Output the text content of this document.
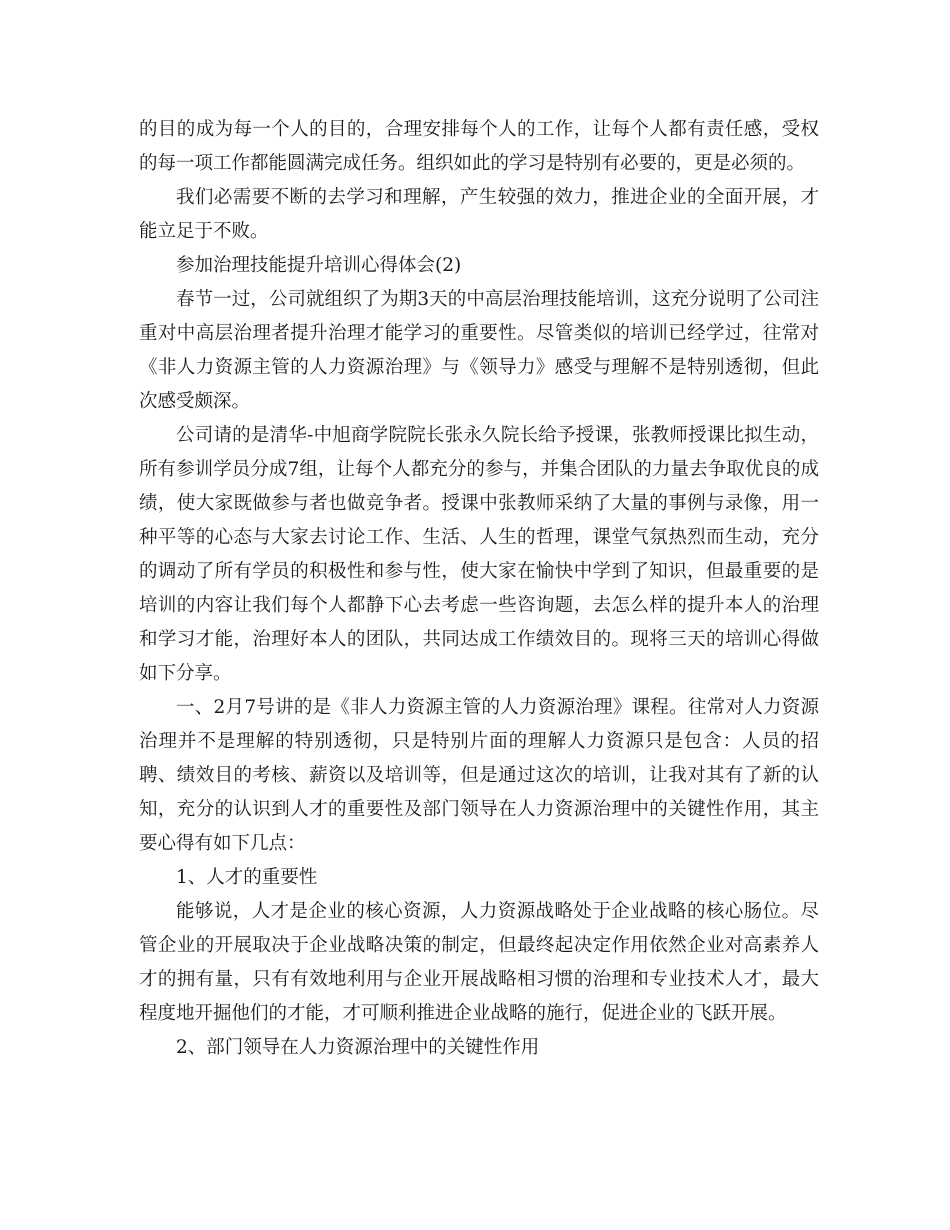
的目的成为每一个人的目的，合理安排每个人的工作，让每个人都有责任感，受权的每一项工作都能圆满完成任务。组织如此的学习是特别有必要的，更是必须的。

我们必需要不断的去学习和理解，产生较强的效力，推进企业的全面开展，才能立足于不败。

参加治理技能提升培训心得体会(2)

春节一过，公司就组织了为期3天的中高层治理技能培训，这充分说明了公司注重对中高层治理者提升治理才能学习的重要性。尽管类似的培训已经学过，往常对《非人力资源主管的人力资源治理》与《领导力》感受与理解不是特别透彻，但此次感受颇深。

公司请的是清华-中旭商学院院长张永久院长给予授课，张教师授课比拟生动，所有参训学员分成7组，让每个人都充分的参与，并集合团队的力量去争取优良的成绩，使大家既做参与者也做竞争者。授课中张教师采纳了大量的事例与录像，用一种平等的心态与大家去讨论工作、生活、人生的哲理，课堂气氛热烈而生动，充分的调动了所有学员的积极性和参与性，使大家在愉快中学到了知识，但最重要的是培训的内容让我们每个人都静下心去考虑一些咨询题，去怎么样的提升本人的治理和学习才能，治理好本人的团队，共同达成工作绩效目的。现将三天的培训心得做如下分享。

一、2月7号讲的是《非人力资源主管的人力资源治理》课程。往常对人力资源治理并不是理解的特别透彻，只是特别片面的理解人力资源只是包含：人员的招聘、绩效目的考核、薪资以及培训等，但是通过这次的培训，让我对其有了新的认知，充分的认识到人才的重要性及部门领导在人力资源治理中的关键性作用，其主要心得有如下几点：

1、人才的重要性

能够说，人才是企业的核心资源，人力资源战略处于企业战略的核心肠位。尽管企业的开展取决于企业战略决策的制定，但最终起决定作用依然企业对高素养人才的拥有量，只有有效地利用与企业开展战略相习惯的治理和专业技术人才，最大程度地开掘他们的才能，才可顺利推进企业战略的施行，促进企业的飞跃开展。

2、部门领导在人力资源治理中的关键性作用
